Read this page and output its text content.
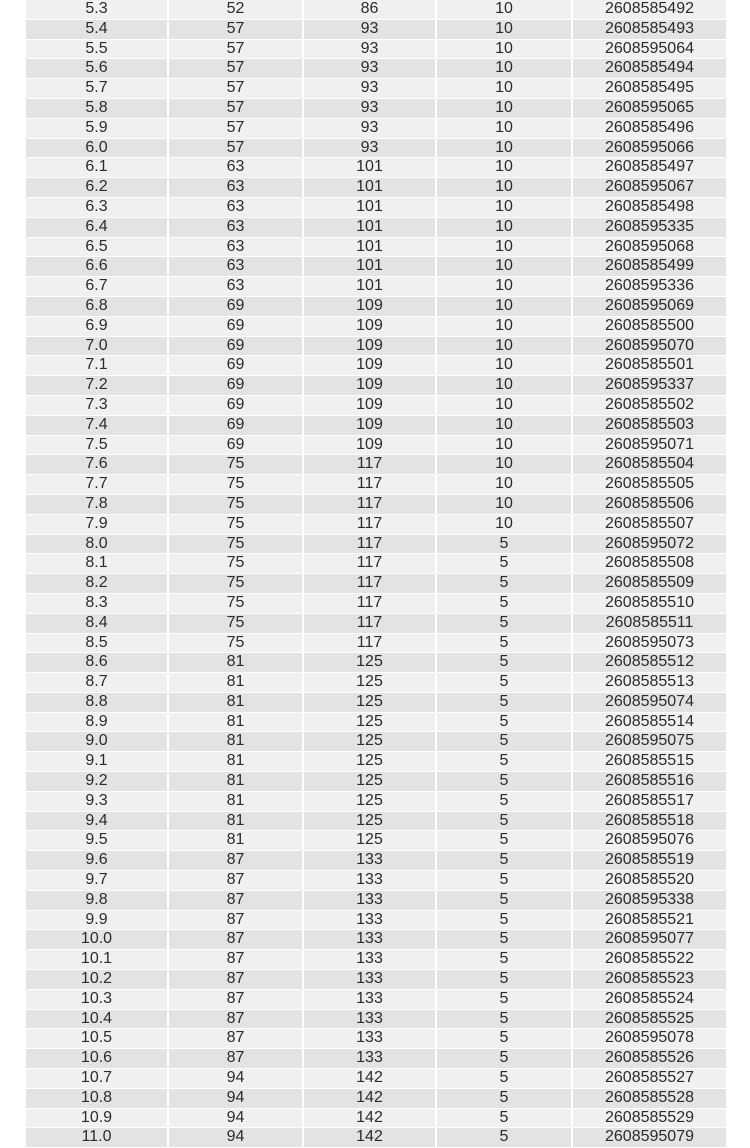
5.3	52	86	10	2608585492
5.4	57	93	10	2608585493
5.5	57	93	10	2608595064
5.6	57	93	10	2608585494
5.7	57	93	10	2608585495
5.8	57	93	10	2608595065
5.9	57	93	10	2608585496
6.0	57	93	10	2608595066
6.1	63	101	10	2608585497
6.2	63	101	10	2608595067
6.3	63	101	10	2608585498
6.4	63	101	10	2608595335
6.5	63	101	10	2608595068
6.6	63	101	10	2608585499
6.7	63	101	10	2608595336
6.8	69	109	10	2608595069
6.9	69	109	10	2608585500
7.0	69	109	10	2608595070
7.1	69	109	10	2608585501
7.2	69	109	10	2608595337
7.3	69	109	10	2608585502
7.4	69	109	10	2608585503
7.5	69	109	10	2608595071
7.6	75	117	10	2608585504
7.7	75	117	10	2608585505
7.8	75	117	10	2608585506
7.9	75	117	10	2608585507
8.0	75	117	5	2608595072
8.1	75	117	5	2608585508
8.2	75	117	5	2608585509
8.3	75	117	5	2608585510
8.4	75	117	5	2608585511
8.5	75	117	5	2608595073
8.6	81	125	5	2608585512
8.7	81	125	5	2608585513
8.8	81	125	5	2608595074
8.9	81	125	5	2608585514
9.0	81	125	5	2608595075
9.1	81	125	5	2608585515
9.2	81	125	5	2608585516
9.3	81	125	5	2608585517
9.4	81	125	5	2608585518
9.5	81	125	5	2608595076
9.6	87	133	5	2608585519
9.7	87	133	5	2608585520
9.8	87	133	5	2608595338
9.9	87	133	5	2608585521
10.0	87	133	5	2608595077
10.1	87	133	5	2608585522
10.2	87	133	5	2608585523
10.3	87	133	5	2608585524
10.4	87	133	5	2608585525
10.5	87	133	5	2608595078
10.6	87	133	5	2608585526
10.7	94	142	5	2608585527
10.8	94	142	5	2608585528
10.9	94	142	5	2608585529
11.0	94	142	5	2608595079
